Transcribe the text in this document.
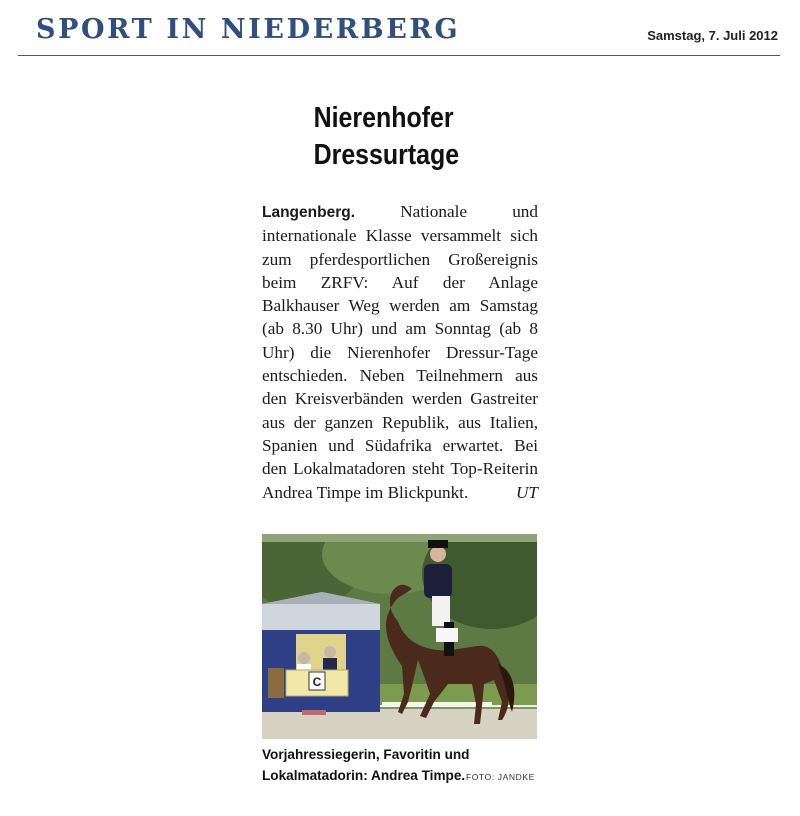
SPORT IN NIEDERBERG	Samstag, 7. Juli 2012
Nierenhofer
Dressurtage
Langenberg. Nationale und internationale Klasse versammelt sich zum pferdesportlichen Großereignis beim ZRFV: Auf der Anlage Balkhauser Weg werden am Samstag (ab 8.30 Uhr) und am Sonntag (ab 8 Uhr) die Nierenhofer Dressur-Tage entschieden. Neben Teilnehmern aus den Kreisverbänden werden Gastreiter aus der ganzen Republik, aus Italien, Spanien und Südafrika erwartet. Bei den Lokalmatadoren steht Top-Reiterin Andrea Timpe im Blickpunkt.	UT
C
Vorjahressiegerin, Favoritin und Lokalmatadorin: Andrea Timpe. FOTO: JANDKE
